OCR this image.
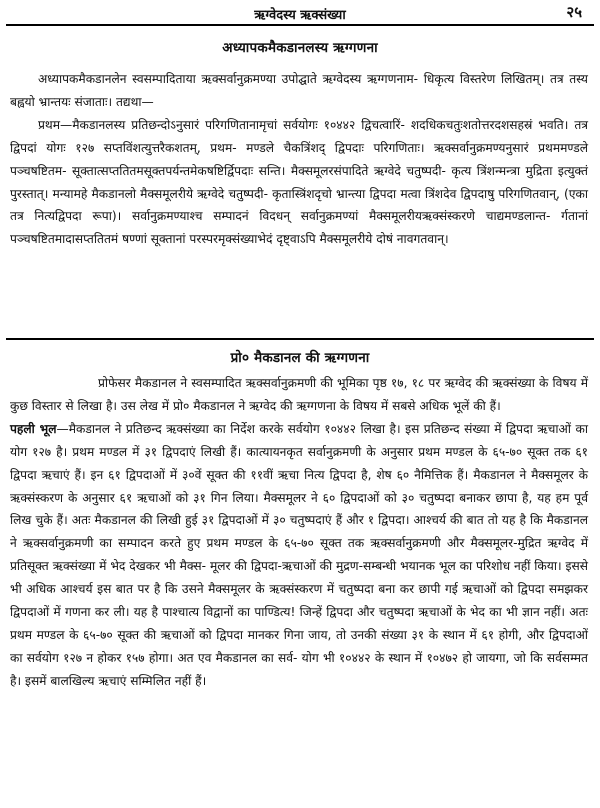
ऋग्वेदस्य ऋक्संख्या	२५
अध्यापकमैकडानलस्य ऋग्गणना

अध्यापकमैकडानलेन स्वसम्पादिताया ऋक्सर्वानुक्रमण्या उपोद्घाते ऋग्वेदस्य ऋग्गणनाम- धिकृत्य विस्तरेण लिखितम्। तत्र तस्य बह्वयो भ्रान्तयः संजाताः। तद्यथा—

प्रथम—मैकडानलस्य प्रतिछन्दोऽनुसारं परिगणितानामृचां सर्वयोगः १०४४२ द्विचत्वारिं- शदधिकचतुःशतोत्तरदशसहस्रं भवति। तत्र द्विपदां योगः १२७ सप्तविंशत्युत्तरैकशतम्, प्रथम- मण्डले चैकत्रिंशद् द्विपदाः परिगणिताः। ऋक्सर्वानुक्रमण्यनुसारं प्रथममण्डले पञ्चषष्टितम- सूक्तात्सप्ततितमसूक्तपर्यन्तमेकषष्टिर्द्विपदाः सन्ति। मैक्समूलरसंपादिते ऋग्वेदे चतुष्पदी- कृत्य त्रिंशन्मन्त्रा मुद्रिता इत्युक्तं पुरस्तात्। मन्यामहे मैकडानलो मैक्समूलरीये ऋग्वेदे चतुष्पदी- कृतास्त्रिंशदृचो भ्रान्त्या द्विपदा मत्वा त्रिंशदेव द्विपदाषु परिगणितवान्, (एका तत्र नित्यद्विपदा रूपा)। सर्वानुक्रमण्याश्च सम्पादनं विदधन् सर्वानुक्रमण्यां मैक्समूलरीयऋक्संस्करणे चाद्यमण्डलान्त- र्गतानां पञ्चषष्टितमादासप्ततितमं षण्णां सूक्तानां परस्परमृक्संख्याभेदं दृष्ट्वाऽपि मैक्समूलरीये दोषं नावगतवान्।

प्रो० मैकडानल की ऋग्गणना

प्रोफेसर मैकडानल ने स्वसम्पादित ऋक्सर्वानुक्रमणी की भूमिका पृष्ठ १७, १८ पर ऋग्वेद की ऋक्संख्या के विषय में कुछ विस्तार से लिखा है। उस लेख में प्रो० मैकडानल ने ऋग्वेद की ऋग्गणना के विषय में सबसे अधिक भूलें की हैं।

पहली भूल—मैकडानल ने प्रतिछन्द ऋक्संख्या का निर्देश करके सर्वयोग १०४४२ लिखा है। इस प्रतिछन्द संख्या में द्विपदा ऋचाओं का योग १२७ है। प्रथम मण्डल में ३१ द्विपदाएं लिखी हैं। कात्यायनकृत सर्वानुक्रमणी के अनुसार प्रथम मण्डल के ६५-७० सूक्त तक ६१ द्विपदा ऋचाएं हैं। इन ६१ द्विपदाओं में ३०वें सूक्त की ११वीं ऋचा नित्य द्विपदा है, शेष ६० नैमित्तिक हैं। मैकडानल ने मैक्समूलर के ऋक्संस्करण के अनुसार ६१ ऋचाओं को ३१ गिन लिया। मैक्समूलर ने ६० द्विपदाओं को ३० चतुष्पदा बनाकर छापा है, यह हम पूर्व लिख चुके हैं। अतः मैकडानल की लिखी हुई ३१ द्विपदाओं में ३० चतुष्पदाएं हैं और १ द्विपदा। आश्चर्य की बात तो यह है कि मैकडानल ने ऋक्सर्वानुक्रमणी का सम्पादन करते हुए प्रथम मण्डल के ६५-७० सूक्त तक ऋक्सर्वानुक्रमणी और मैक्समूलर-मुद्रित ऋग्वेद में प्रतिसूक्त ऋक्संख्या में भेद देखकर भी मैक्स- मूलर की द्विपदा-ऋचाओं की मुद्रण-सम्बन्धी भयानक भूल का परिशोध नहीं किया। इससे भी अधिक आश्चर्य इस बात पर है कि उसने मैक्समूलर के ऋक्संस्करण में चतुष्पदा बना कर छापी गई ऋचाओं को द्विपदा समझकर द्विपदाओं में गणना कर ली। यह है पाश्चात्य विद्वानों का पाण्डित्य! जिन्हें द्विपदा और चतुष्पदा ऋचाओं के भेद का भी ज्ञान नहीं। अतः प्रथम मण्डल के ६५-७० सूक्त की ऋचाओं को द्विपदा मानकर गिना जाय, तो उनकी संख्या ३१ के स्थान में ६१ होगी, और द्विपदाओं का सर्वयोग १२७ न होकर १५७ होगा। अत एव मैकडानल का सर्व- योग भी १०४४२ के स्थान में १०४७२ हो जायगा, जो कि सर्वसम्मत है। इसमें बालखिल्य ऋचाएं सम्मिलित नहीं हैं।
